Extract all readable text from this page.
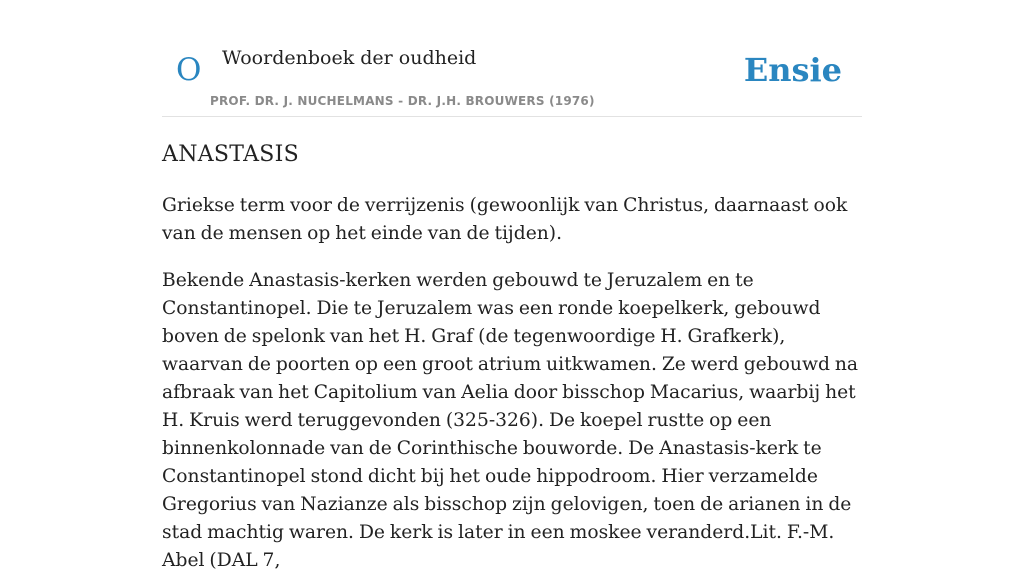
O Woordenboek der oudheid
PROF. DR. J. NUCHELMANS - DR. J.H. BROUWERS (1976)
Ensie
ANASTASIS

Griekse term voor de verrijzenis (gewoonlijk van Christus, daarnaast ook van de mensen op het einde van de tijden).

Bekende Anastasis-kerken werden gebouwd te Jeruzalem en te Constantinopel. Die te Jeruzalem was een ronde koepelkerk, gebouwd boven de spelonk van het H. Graf (de tegenwoordige H. Grafkerk), waarvan de poorten op een groot atrium uitkwamen. Ze werd gebouwd na afbraak van het Capitolium van Aelia door bisschop Macarius, waarbij het H. Kruis werd teruggevonden (325-326). De koepel rustte op een binnenkolonnade van de Corinthische bouworde. De Anastasis-kerk te Constantinopel stond dicht bij het oude hippodroom. Hier verzamelde Gregorius van Nazianze als bisschop zijn gelovigen, toen de arianen in de stad machtig waren. De kerk is later in een moskee veranderd.Lit. F.-M. Abel (DAL 7,
